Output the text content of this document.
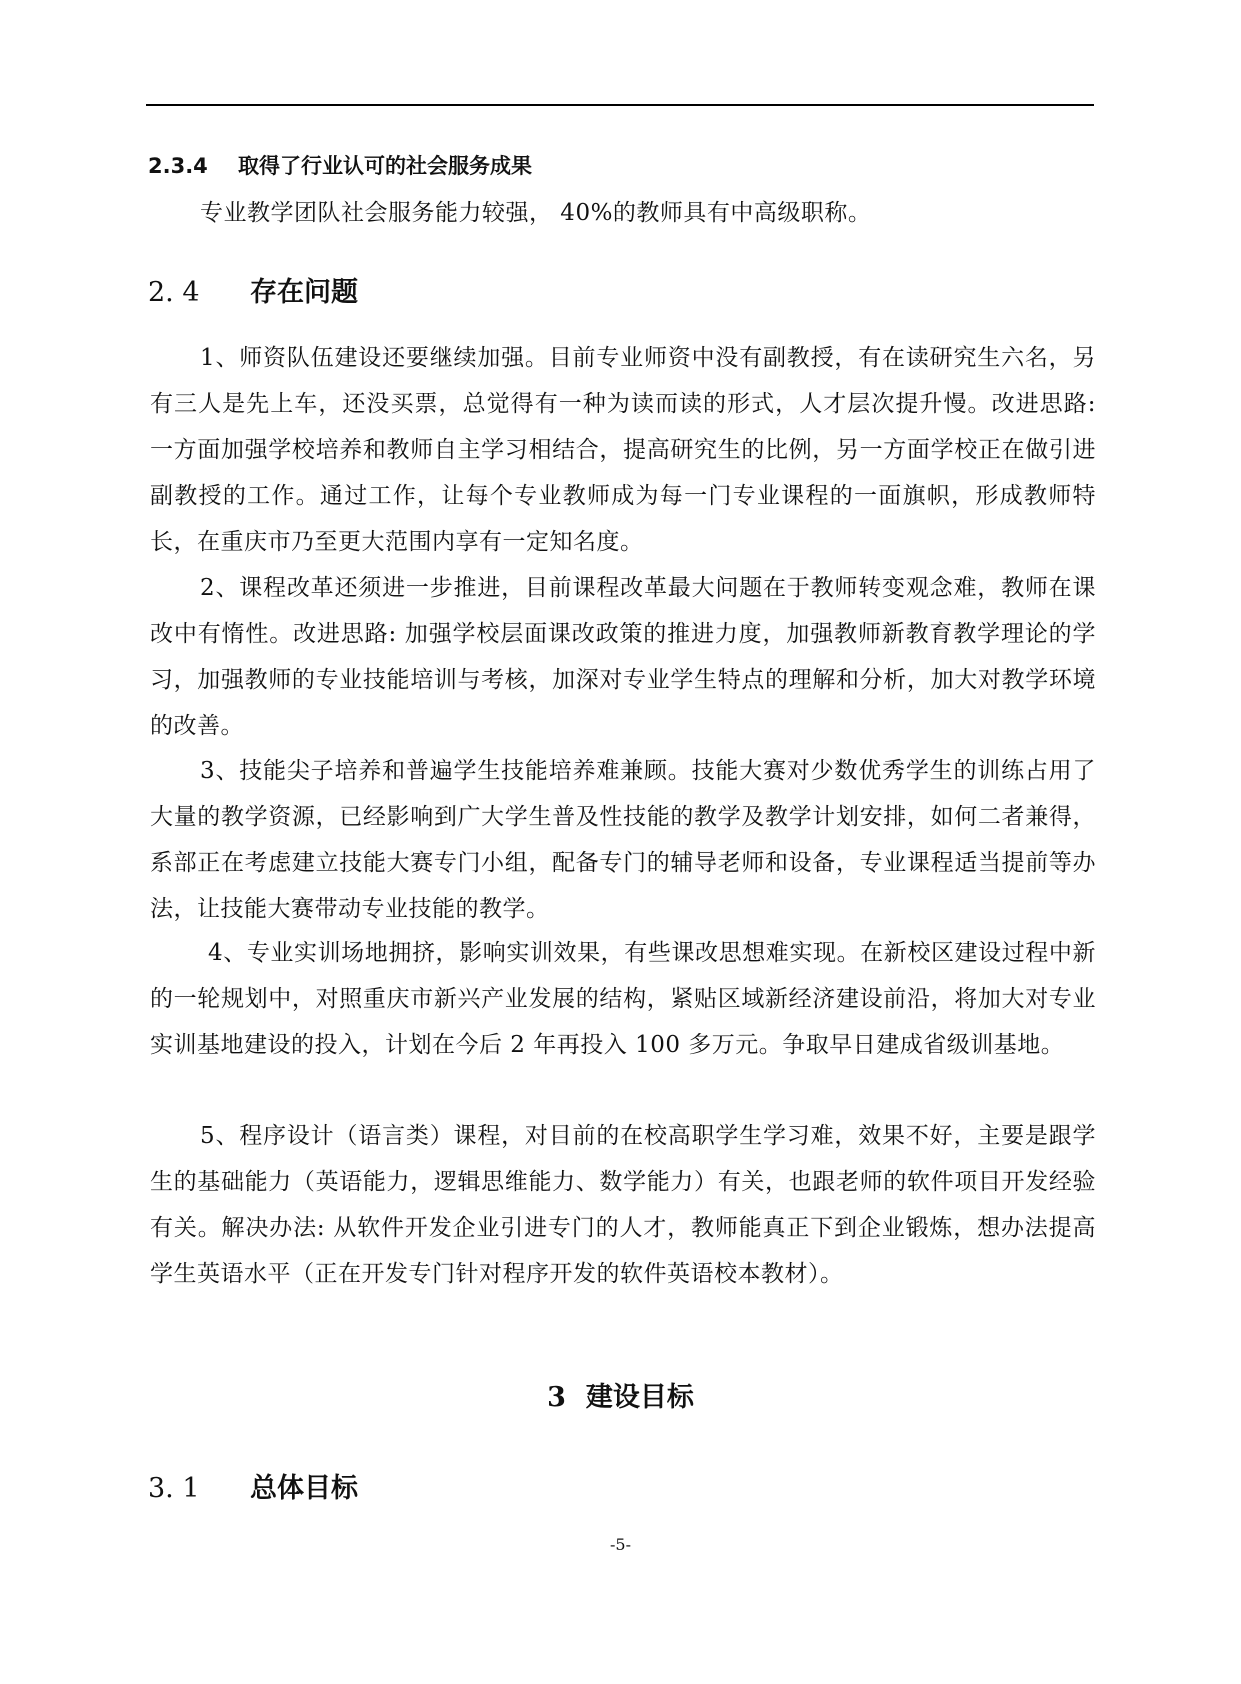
2.3.4 取得了行业认可的社会服务成果
专业教学团队社会服务能力较强， 40%的教师具有中高级职称。
2. 4 存在问题

1、师资队伍建设还要继续加强。目前专业师资中没有副教授，有在读研究生六名，另有三人是先上车，还没买票，总觉得有一种为读而读的形式，人才层次提升慢。改进思路: 一方面加强学校培养和教师自主学习相结合，提高研究生的比例，另一方面学校正在做引进副教授的工作。通过工作，让每个专业教师成为每一门专业课程的一面旗帜，形成教师特长，在重庆市乃至更大范围内享有一定知名度。

2、课程改革还须进一步推进，目前课程改革最大问题在于教师转变观念难，教师在课改中有惰性。改进思路: 加强学校层面课改政策的推进力度，加强教师新教育教学理论的学习，加强教师的专业技能培训与考核，加深对专业学生特点的理解和分析，加大对教学环境的改善。

3、技能尖子培养和普遍学生技能培养难兼顾。技能大赛对少数优秀学生的训练占用了大量的教学资源，已经影响到广大学生普及性技能的教学及教学计划安排，如何二者兼得，系部正在考虑建立技能大赛专门小组，配备专门的辅导老师和设备，专业课程适当提前等办法，让技能大赛带动专业技能的教学。

4、专业实训场地拥挤，影响实训效果，有些课改思想难实现。在新校区建设过程中新的一轮规划中，对照重庆市新兴产业发展的结构，紧贴区域新经济建设前沿，将加大对专业实训基地建设的投入，计划在今后 2 年再投入 100 多万元。争取早日建成省级训基地。

5、程序设计（语言类）课程，对目前的在校高职学生学习难，效果不好，主要是跟学生的基础能力（英语能力，逻辑思维能力、数学能力）有关，也跟老师的软件项目开发经验有关。解决办法: 从软件开发企业引进专门的人才，教师能真正下到企业锻炼，想办法提高学生英语水平（正在开发专门针对程序开发的软件英语校本教材）。

3 建设目标
3. 1 总体目标
-5-
